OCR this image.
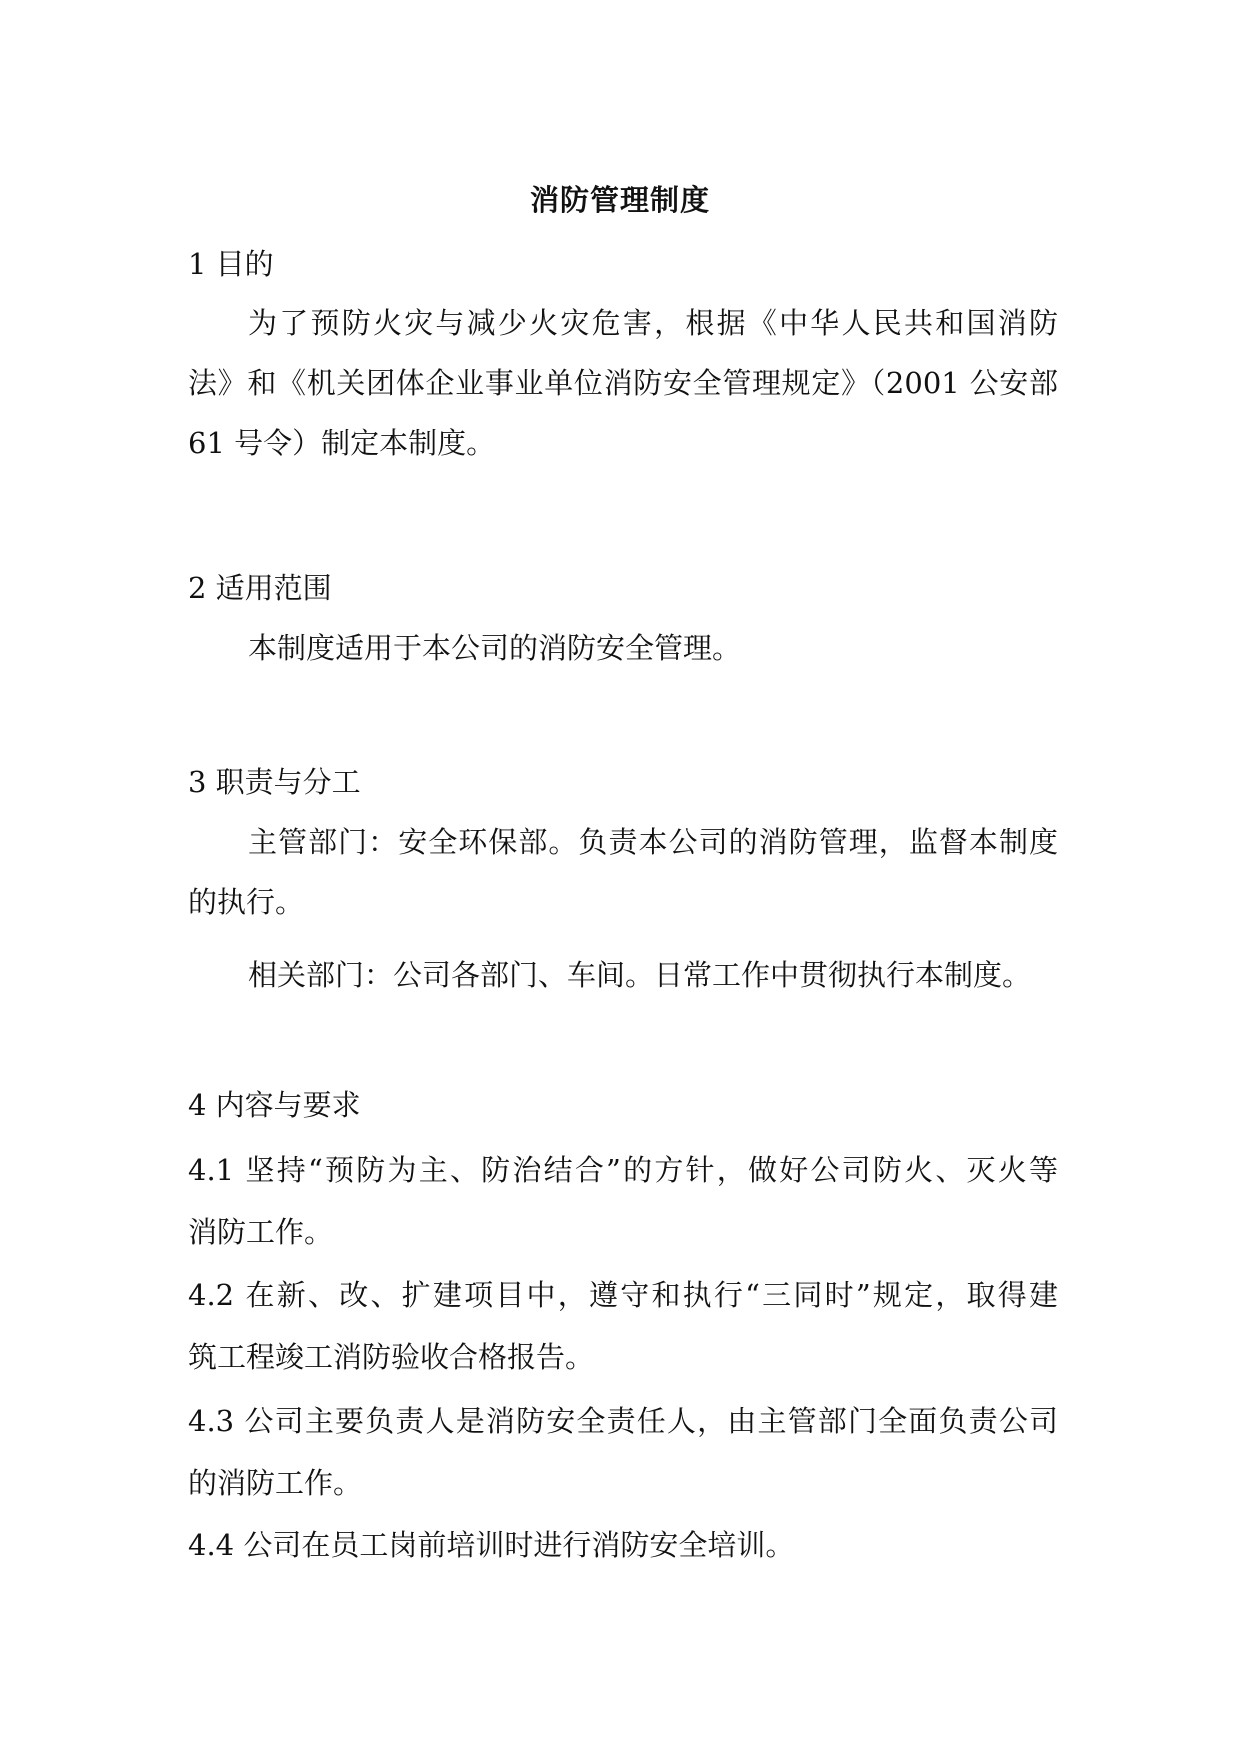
消防管理制度
1 目的
为了预防火灾与减少火灾危害，根据《中华人民共和国消防
法》和《机关团体企业事业单位消防安全管理规定》（2001 公安部
61 号令）制定本制度。
2 适用范围
本制度适用于本公司的消防安全管理。
3 职责与分工
主管部门：安全环保部。负责本公司的消防管理，监督本制度
的执行。
相关部门：公司各部门、车间。日常工作中贯彻执行本制度。
4 内容与要求
4.1 坚持“预防为主、防治结合”的方针，做好公司防火、灭火等
消防工作。
4.2 在新、改、扩建项目中，遵守和执行“三同时”规定，取得建
筑工程竣工消防验收合格报告。
4.3 公司主要负责人是消防安全责任人，由主管部门全面负责公司
的消防工作。
4.4 公司在员工岗前培训时进行消防安全培训。
